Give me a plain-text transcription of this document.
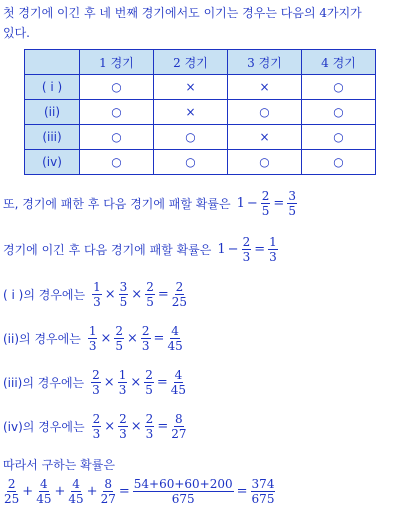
첫 경기에 이긴 후 네 번째 경기에서도 이기는 경우는 다음의 4가지가
있다.
	1 경기	2 경기	3 경기	4 경기
( i )	○	×	×	○
(ii)	○	×	○	○
(iii)	○	○	×	○
(iv)	○	○	○	○
또, 경기에 패한 후 다음 경기에 패할 확률은 $1 - \frac{2}{5} = \frac{3}{5}$
경기에 이긴 후 다음 경기에 패할 확률은 $1 - \frac{2}{3} = \frac{1}{3}$
( i )의 경우에는 $\frac{1}{3} \times \frac{3}{5} \times \frac{2}{5} = \frac{2}{25}$
(ii)의 경우에는 $\frac{1}{3} \times \frac{2}{5} \times \frac{2}{3} = \frac{4}{45}$
(iii)의 경우에는 $\frac{2}{3} \times \frac{1}{3} \times \frac{2}{5} = \frac{4}{45}$
(iv)의 경우에는 $\frac{2}{3} \times \frac{2}{3} \times \frac{2}{3} = \frac{8}{27}$
따라서 구하는 확률은
$\frac{2}{25} + \frac{4}{45} + \frac{4}{45} + \frac{8}{27} = \frac{54+60+60+200}{675} = \frac{374}{675}$
